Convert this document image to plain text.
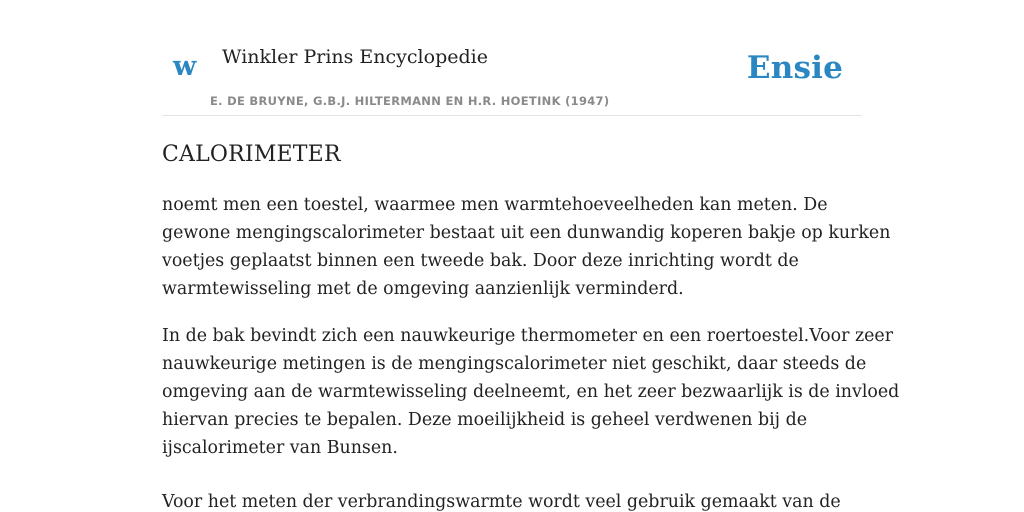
w Winkler Prins Encyclopedie	Ensie
E. DE BRUYNE, G.B.J. HILTERMANN EN H.R. HOETINK (1947)
CALORIMETER

noemt men een toestel, waarmee men warmtehoeveelheden kan meten. De
gewone mengingscalorimeter bestaat uit een dunwandig koperen bakje op kurken
voetjes geplaatst binnen een tweede bak. Door deze inrichting wordt de
warmtewisseling met de omgeving aanzienlijk verminderd.

In de bak bevindt zich een nauwkeurige thermometer en een roertoestel.Voor zeer
nauwkeurige metingen is de mengingscalorimeter niet geschikt, daar steeds de
omgeving aan de warmtewisseling deelneemt, en het zeer bezwaarlijk is de invloed
hiervan precies te bepalen. Deze moeilijkheid is geheel verdwenen bij de
ijscalorimeter van Bunsen.

Voor het meten der verbrandingswarmte wordt veel gebruik gemaakt van de
